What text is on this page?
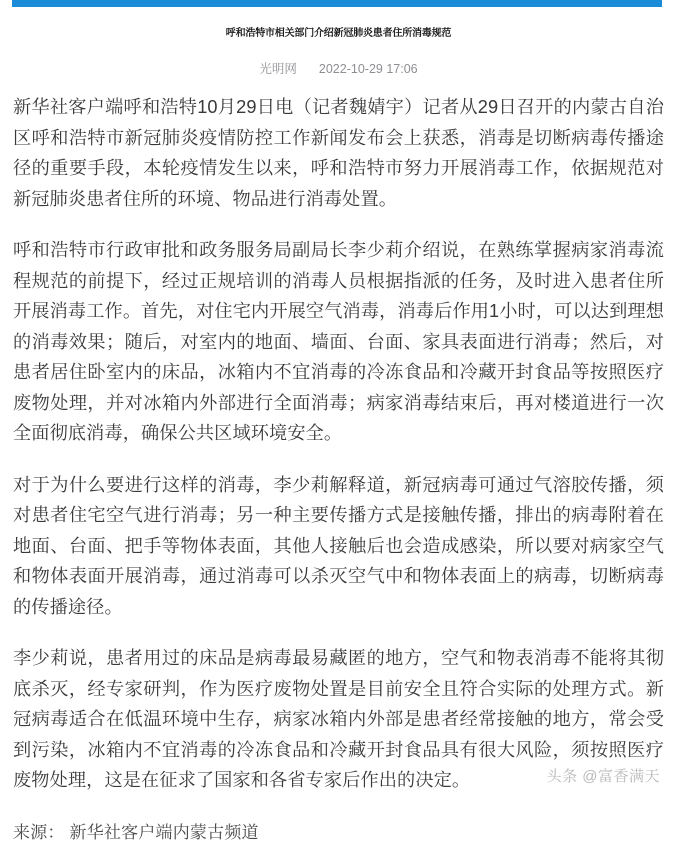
呼和浩特市相关部门介绍新冠肺炎患者住所消毒规范
光明网 2022-10-29 17:06

新华社客户端呼和浩特10月29日电（记者魏婧宇）记者从29日召开的内蒙古自治区呼和浩特市新冠肺炎疫情防控工作新闻发布会上获悉，消毒是切断病毒传播途径的重要手段，本轮疫情发生以来，呼和浩特市努力开展消毒工作，依据规范对新冠肺炎患者住所的环境、物品进行消毒处置。

呼和浩特市行政审批和政务服务局副局长李少莉介绍说，在熟练掌握病家消毒流程规范的前提下，经过正规培训的消毒人员根据指派的任务，及时进入患者住所开展消毒工作。首先，对住宅内开展空气消毒，消毒后作用1小时，可以达到理想的消毒效果；随后，对室内的地面、墙面、台面、家具表面进行消毒；然后，对患者居住卧室内的床品，冰箱内不宜消毒的冷冻食品和冷藏开封食品等按照医疗废物处理，并对冰箱内外部进行全面消毒；病家消毒结束后，再对楼道进行一次全面彻底消毒，确保公共区域环境安全。

对于为什么要进行这样的消毒，李少莉解释道，新冠病毒可通过气溶胶传播，须对患者住宅空气进行消毒；另一种主要传播方式是接触传播，排出的病毒附着在地面、台面、把手等物体表面，其他人接触后也会造成感染，所以要对病家空气和物体表面开展消毒，通过消毒可以杀灭空气中和物体表面上的病毒，切断病毒的传播途径。

李少莉说，患者用过的床品是病毒最易藏匿的地方，空气和物表消毒不能将其彻底杀灭，经专家研判，作为医疗废物处置是目前安全且符合实际的处理方式。新冠病毒适合在低温环境中生存，病家冰箱内外部是患者经常接触的地方，常会受到污染，冰箱内不宜消毒的冷冻食品和冷藏开封食品具有很大风险，须按照医疗废物处理，这是在征求了国家和各省专家后作出的决定。

来源： 新华社客户端内蒙古频道

头条 @富香满天
